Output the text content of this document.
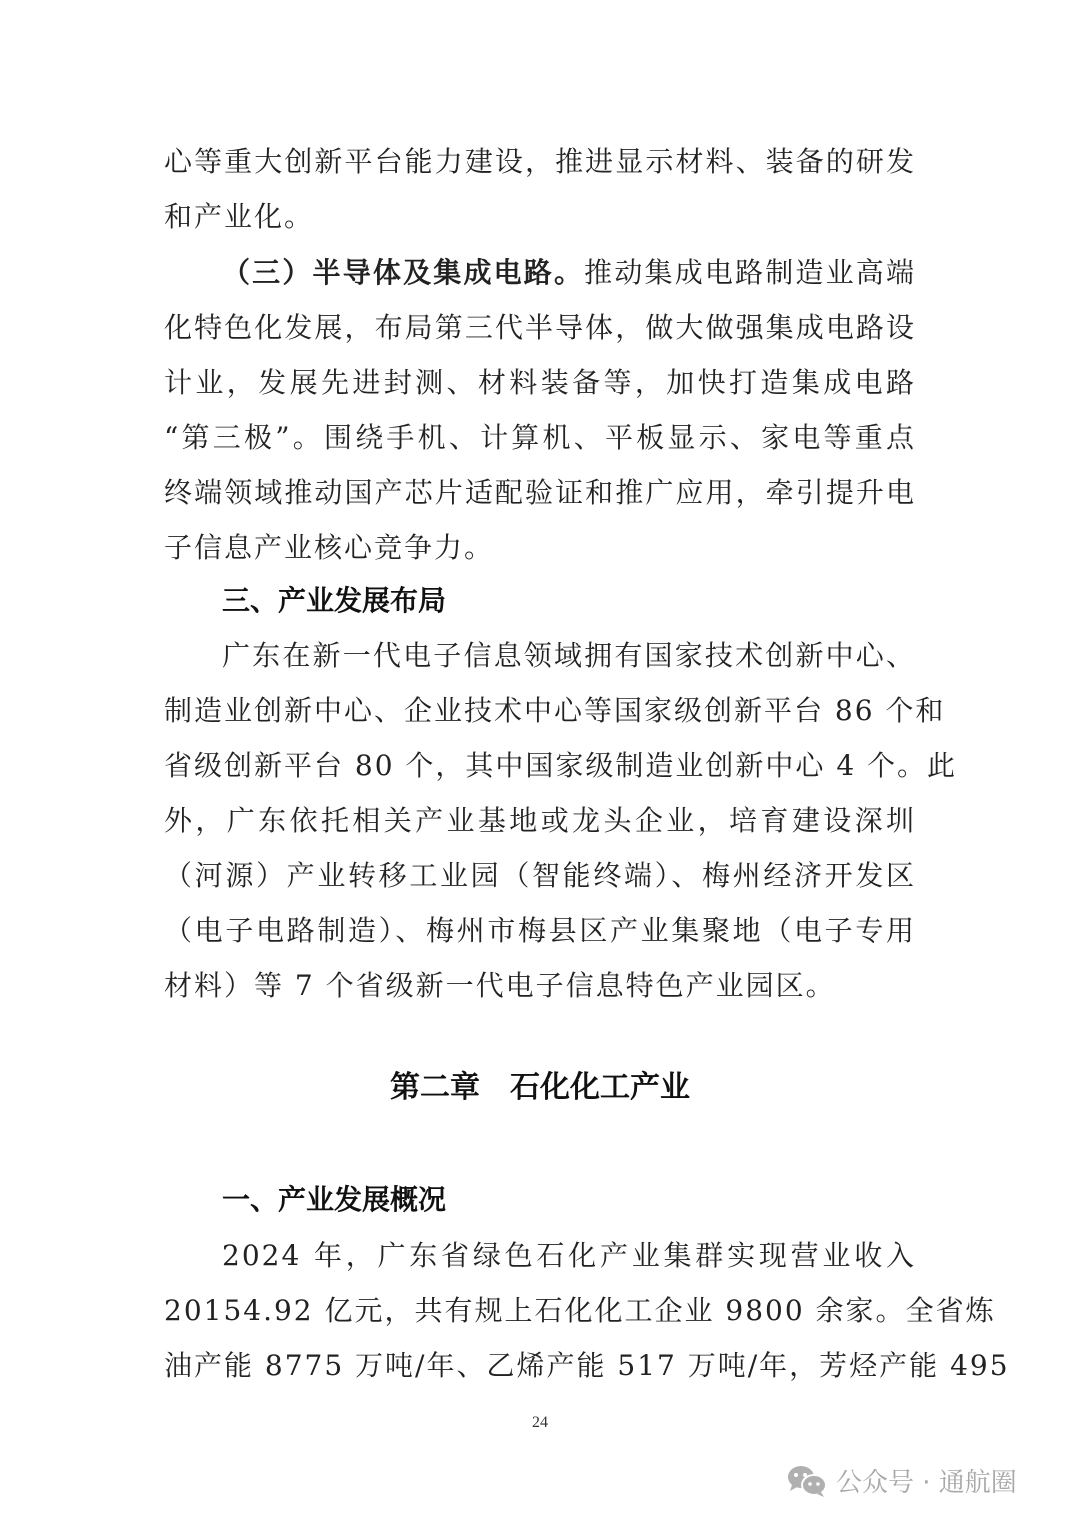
心等重大创新平台能力建设，推进显示材料、装备的研发
和产业化。
（三）半导体及集成电路。推动集成电路制造业高端
化特色化发展，布局第三代半导体，做大做强集成电路设
计业，发展先进封测、材料装备等，加快打造集成电路
“第三极”。围绕手机、计算机、平板显示、家电等重点
终端领域推动国产芯片适配验证和推广应用，牵引提升电
子信息产业核心竞争力。
三、产业发展布局
广东在新一代电子信息领域拥有国家技术创新中心、
制造业创新中心、企业技术中心等国家级创新平台 86 个和
省级创新平台 80 个，其中国家级制造业创新中心 4 个。此
外，广东依托相关产业基地或龙头企业，培育建设深圳
（河源）产业转移工业园（智能终端）、梅州经济开发区
（电子电路制造）、梅州市梅县区产业集聚地（电子专用
材料）等 7 个省级新一代电子信息特色产业园区。
第二章　石化化工产业
一、产业发展概况
2024 年，广东省绿色石化产业集群实现营业收入
20154.92 亿元，共有规上石化化工企业 9800 余家。全省炼
油产能 8775 万吨/年、乙烯产能 517 万吨/年，芳烃产能 495
24
公众号 · 通航圈
